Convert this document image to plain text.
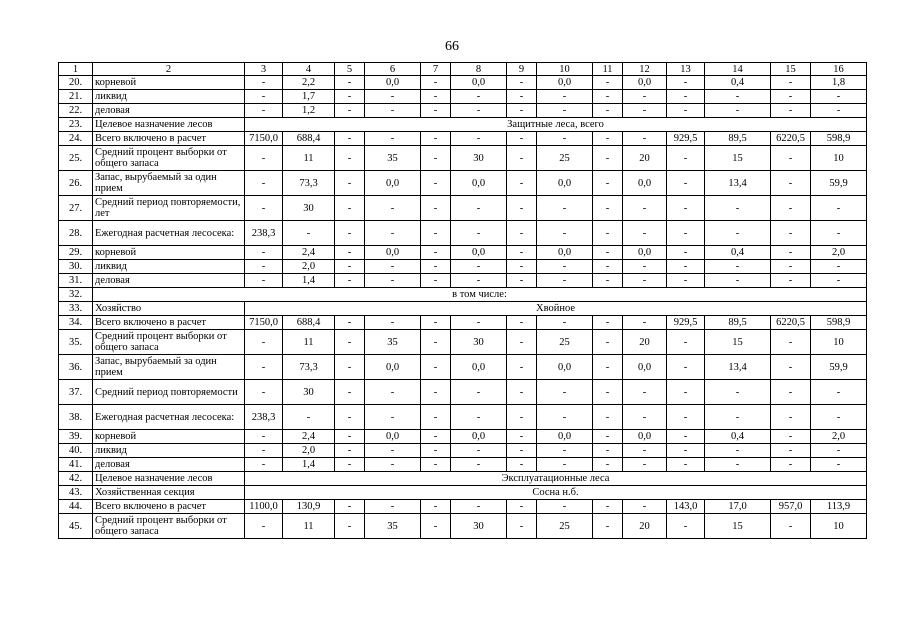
66
1	2	3	4	5	6	7	8	9	10	11	12	13	14	15	16
20.	корневой	-	2,2	-	0,0	-	0,0	-	0,0	-	0,0	-	0,4	-	1,8
21.	ликвид	-	1,7	-	-	-	-	-	-	-	-	-	-	-	-
22.	деловая	-	1,2	-	-	-	-	-	-	-	-	-	-	-	-
23.	Целевое назначение лесов	Защитные леса, всего													
24.	Всего включено в расчет	7150,0	688,4	-	-	-	-	-	-	-	-	929,5	89,5	6220,5	598,9
25.	Средний процент выборки от общего запаса	-	11	-	35	-	30	-	25	-	20	-	15	-	10
26.	Запас, вырубаемый за один прием	-	73,3	-	0,0	-	0,0	-	0,0	-	0,0	-	13,4	-	59,9
27.	Средний период повторяемости, лет	-	30	-	-	-	-	-	-	-	-	-	-	-	-
28.	Ежегодная расчетная лесосека:	238,3	-	-	-	-	-	-	-	-	-	-	-	-	-
29.	корневой	-	2,4	-	0,0	-	0,0	-	0,0	-	0,0	-	0,4	-	2,0
30.	ликвид	-	2,0	-	-	-	-	-	-	-	-	-	-	-	-
31.	деловая	-	1,4	-	-	-	-	-	-	-	-	-	-	-	-
32.	в том числе:														
33.	Хозяйство	Хвойное													
34.	Всего включено в расчет	7150,0	688,4	-	-	-	-	-	-	-	-	929,5	89,5	6220,5	598,9
35.	Средний процент выборки от общего запаса	-	11	-	35	-	30	-	25	-	20	-	15	-	10
36.	Запас, вырубаемый за один прием	-	73,3	-	0,0	-	0,0	-	0,0	-	0,0	-	13,4	-	59,9
37.	Средний период повторяемости	-	30	-	-	-	-	-	-	-	-	-	-	-	-
38.	Ежегодная расчетная лесосека:	238,3	-	-	-	-	-	-	-	-	-	-	-	-	-
39.	корневой	-	2,4	-	0,0	-	0,0	-	0,0	-	0,0	-	0,4	-	2,0
40.	ликвид	-	2,0	-	-	-	-	-	-	-	-	-	-	-	-
41.	деловая	-	1,4	-	-	-	-	-	-	-	-	-	-	-	-
42.	Целевое назначение лесов	Эксплуатационные леса													
43.	Хозяйственная секция	Сосна н.б.													
44.	Всего включено в расчет	1100,0	130,9	-	-	-	-	-	-	-	-	143,0	17,0	957,0	113,9
45.	Средний процент выборки от общего запаса	-	11	-	35	-	30	-	25	-	20	-	15	-	10
